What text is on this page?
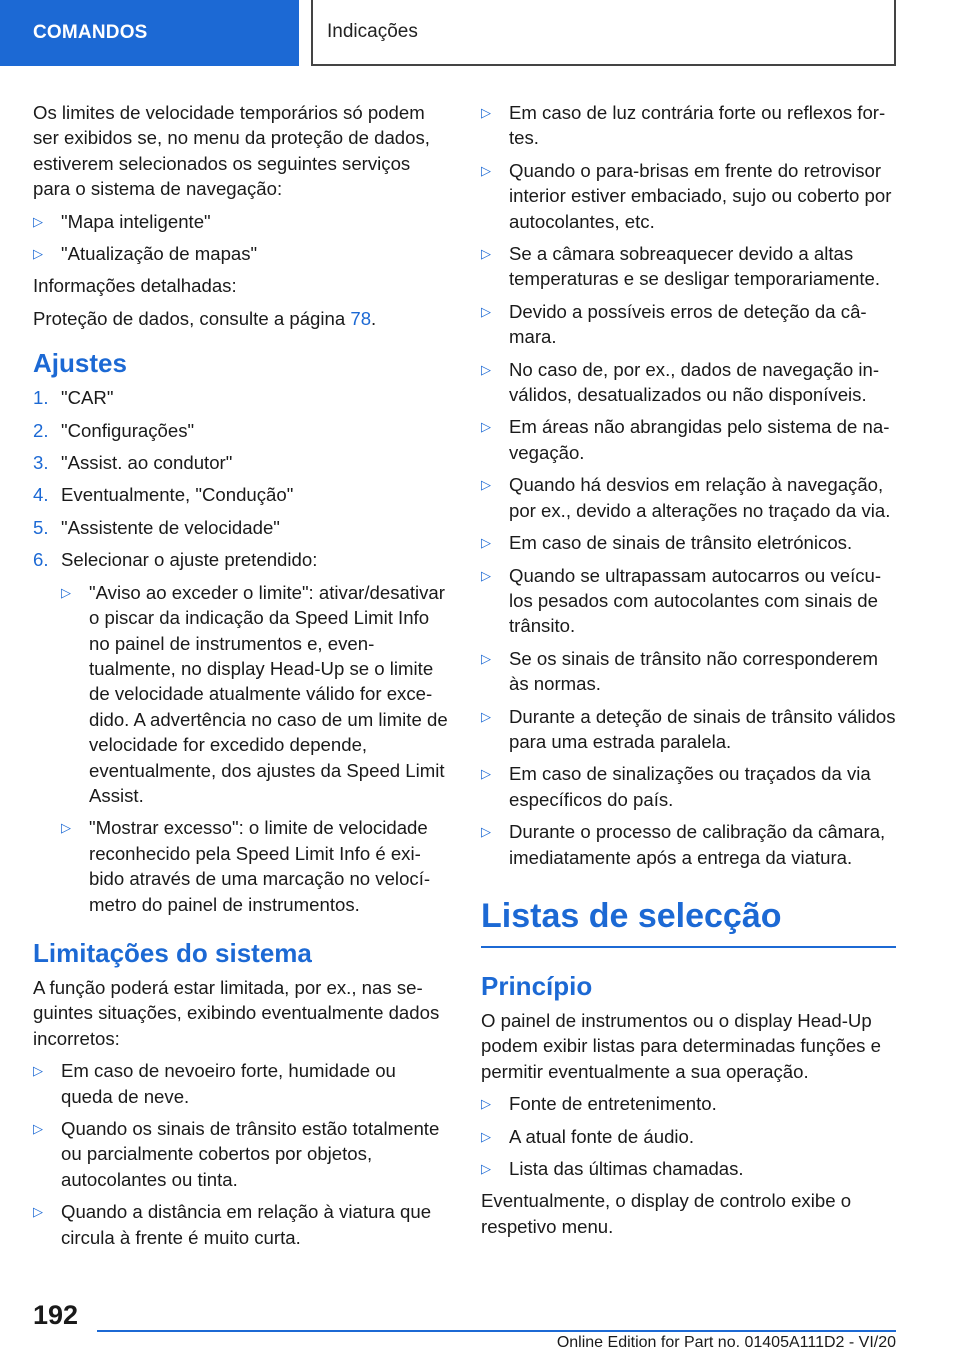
COMANDOS	Indicações

Os limites de velocidade temporários só podem ser exibidos se, no menu da proteção de dados, estiverem selecionados os seguintes serviços para o sistema de navegação:

▷ "Mapa inteligente"
▷ "Atualização de mapas"

Informações detalhadas:

Proteção de dados, consulte a página 78.

Ajustes
1. "CAR"
2. "Configurações"
3. "Assist. ao condutor"
4. Eventualmente, "Condução"
5. "Assistente de velocidade"
6. Selecionar o ajuste pretendido:
▷ "Aviso ao exceder o limite": ativar/desativar o piscar da indicação da Speed Limit Info no painel de instrumentos e, eventualmente, no display Head-Up se o limite de velocidade atualmente válido for excedido. A advertência no caso de um limite de velocidade for excedido depende, eventualmente, dos ajustes da Speed Limit Assist.
▷ "Mostrar excesso": o limite de velocidade reconhecido pela Speed Limit Info é exibido através de uma marcação no velocímetro do painel de instrumentos.
Limitações do sistema

A função poderá estar limitada, por ex., nas seguintes situações, exibindo eventualmente dados incorretos:

▷ Em caso de nevoeiro forte, humidade ou queda de neve.
▷ Quando os sinais de trânsito estão totalmente ou parcialmente cobertos por objetos, autocolantes ou tinta.
▷ Quando a distância em relação à viatura que circula à frente é muito curta.
▷ Em caso de luz contrária forte ou reflexos fortes.
▷ Quando o para-brisas em frente do retrovisor interior estiver embaciado, sujo ou coberto por autocolantes, etc.
▷ Se a câmara sobreaquecer devido a altas temperaturas e se desligar temporariamente.
▷ Devido a possíveis erros de deteção da câmara.
▷ No caso de, por ex., dados de navegação inválidos, desatualizados ou não disponíveis.
▷ Em áreas não abrangidas pelo sistema de navegação.
▷ Quando há desvios em relação à navegação, por ex., devido a alterações no traçado da via.
▷ Em caso de sinais de trânsito eletrónicos.
▷ Quando se ultrapassam autocarros ou veículos pesados com autocolantes com sinais de trânsito.
▷ Se os sinais de trânsito não corresponderem às normas.
▷ Durante a deteção de sinais de trânsito válidos para uma estrada paralela.
▷ Em caso de sinalizações ou traçados da via específicos do país.
▷ Durante o processo de calibração da câmara, imediatamente após a entrega da viatura.
Listas de selecção
Princípio

O painel de instrumentos ou o display Head-Up podem exibir listas para determinadas funções e permitir eventualmente a sua operação.

▷ Fonte de entretenimento.
▷ A atual fonte de áudio.
▷ Lista das últimas chamadas.

Eventualmente, o display de controlo exibe o respetivo menu.

192
Online Edition for Part no. 01405A111D2 - VI/20
